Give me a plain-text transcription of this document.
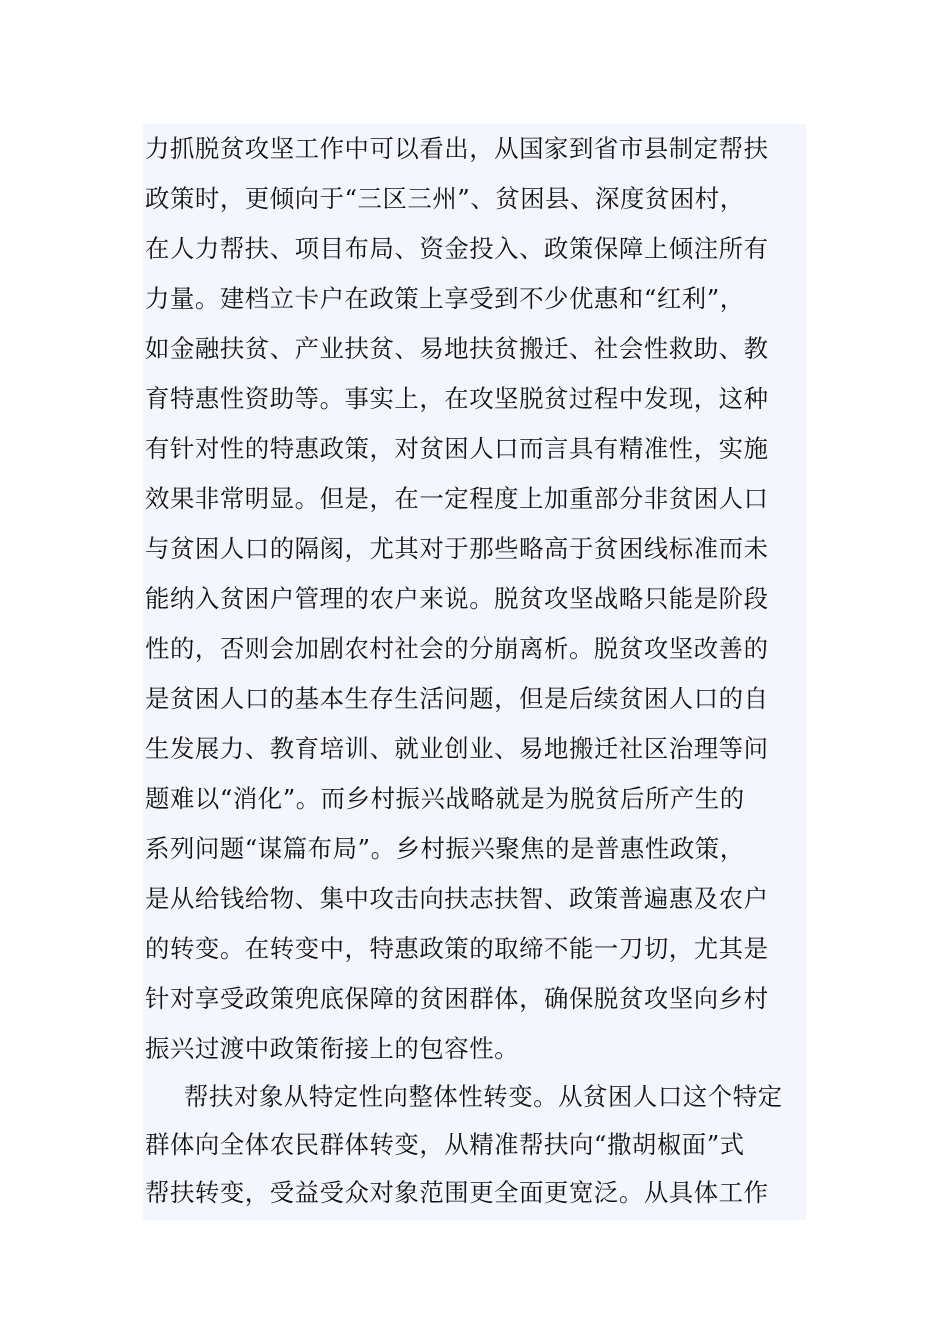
力抓脱贫攻坚工作中可以看出，从国家到省市县制定帮扶
政策时，更倾向于“三区三州”、贫困县、深度贫困村，
在人力帮扶、项目布局、资金投入、政策保障上倾注所有
力量。建档立卡户在政策上享受到不少优惠和“红利”，
如金融扶贫、产业扶贫、易地扶贫搬迁、社会性救助、教
育特惠性资助等。事实上，在攻坚脱贫过程中发现，这种
有针对性的特惠政策，对贫困人口而言具有精准性，实施
效果非常明显。但是，在一定程度上加重部分非贫困人口
与贫困人口的隔阂，尤其对于那些略高于贫困线标准而未
能纳入贫困户管理的农户来说。脱贫攻坚战略只能是阶段
性的，否则会加剧农村社会的分崩离析。脱贫攻坚改善的
是贫困人口的基本生存生活问题，但是后续贫困人口的自
生发展力、教育培训、就业创业、易地搬迁社区治理等问
题难以“消化”。而乡村振兴战略就是为脱贫后所产生的
系列问题“谋篇布局”。乡村振兴聚焦的是普惠性政策，
是从给钱给物、集中攻击向扶志扶智、政策普遍惠及农户
的转变。在转变中，特惠政策的取缔不能一刀切，尤其是
针对享受政策兜底保障的贫困群体，确保脱贫攻坚向乡村
振兴过渡中政策衔接上的包容性。
帮扶对象从特定性向整体性转变。从贫困人口这个特定
群体向全体农民群体转变，从精准帮扶向“撒胡椒面”式
帮扶转变，受益受众对象范围更全面更宽泛。从具体工作
